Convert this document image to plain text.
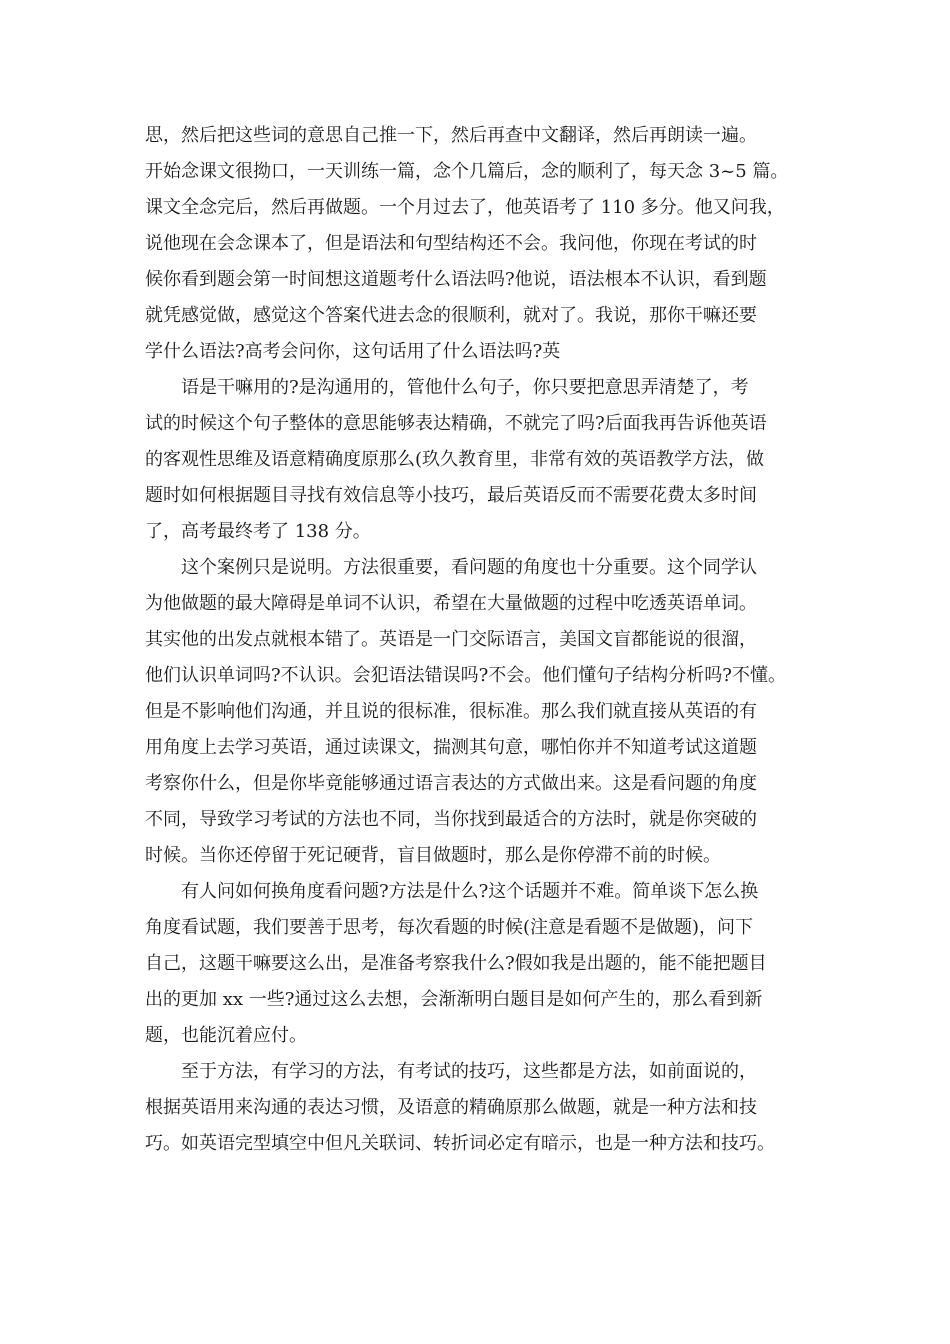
思，然后把这些词的意思自己推一下，然后再查中文翻译，然后再朗读一遍。
开始念课文很拗口，一天训练一篇，念个几篇后，念的顺利了，每天念 3~5 篇。
课文全念完后，然后再做题。一个月过去了，他英语考了 110 多分。他又问我，
说他现在会念课本了，但是语法和句型结构还不会。我问他，你现在考试的时
候你看到题会第一时间想这道题考什么语法吗?他说，语法根本不认识，看到题
就凭感觉做，感觉这个答案代进去念的很顺利，就对了。我说，那你干嘛还要
学什么语法?高考会问你，这句话用了什么语法吗?英
语是干嘛用的?是沟通用的，管他什么句子，你只要把意思弄清楚了，考
试的时候这个句子整体的意思能够表达精确，不就完了吗?后面我再告诉他英语
的客观性思维及语意精确度原那么(玖久教育里，非常有效的英语教学方法，做
题时如何根据题目寻找有效信息等小技巧，最后英语反而不需要花费太多时间
了，高考最终考了 138 分。
这个案例只是说明。方法很重要，看问题的角度也十分重要。这个同学认
为他做题的最大障碍是单词不认识，希望在大量做题的过程中吃透英语单词。
其实他的出发点就根本错了。英语是一门交际语言，美国文盲都能说的很溜，
他们认识单词吗?不认识。会犯语法错误吗?不会。他们懂句子结构分析吗?不懂。
但是不影响他们沟通，并且说的很标准，很标准。那么我们就直接从英语的有
用角度上去学习英语，通过读课文，揣测其句意，哪怕你并不知道考试这道题
考察你什么，但是你毕竟能够通过语言表达的方式做出来。这是看问题的角度
不同，导致学习考试的方法也不同，当你找到最适合的方法时，就是你突破的
时候。当你还停留于死记硬背，盲目做题时，那么是你停滞不前的时候。
有人问如何换角度看问题?方法是什么?这个话题并不难。简单谈下怎么换
角度看试题，我们要善于思考，每次看题的时候(注意是看题不是做题)，问下
自己，这题干嘛要这么出，是准备考察我什么?假如我是出题的，能不能把题目
出的更加 xx 一些?通过这么去想，会渐渐明白题目是如何产生的，那么看到新
题，也能沉着应付。
至于方法，有学习的方法，有考试的技巧，这些都是方法，如前面说的，
根据英语用来沟通的表达习惯，及语意的精确原那么做题，就是一种方法和技
巧。如英语完型填空中但凡关联词、转折词必定有暗示，也是一种方法和技巧。
